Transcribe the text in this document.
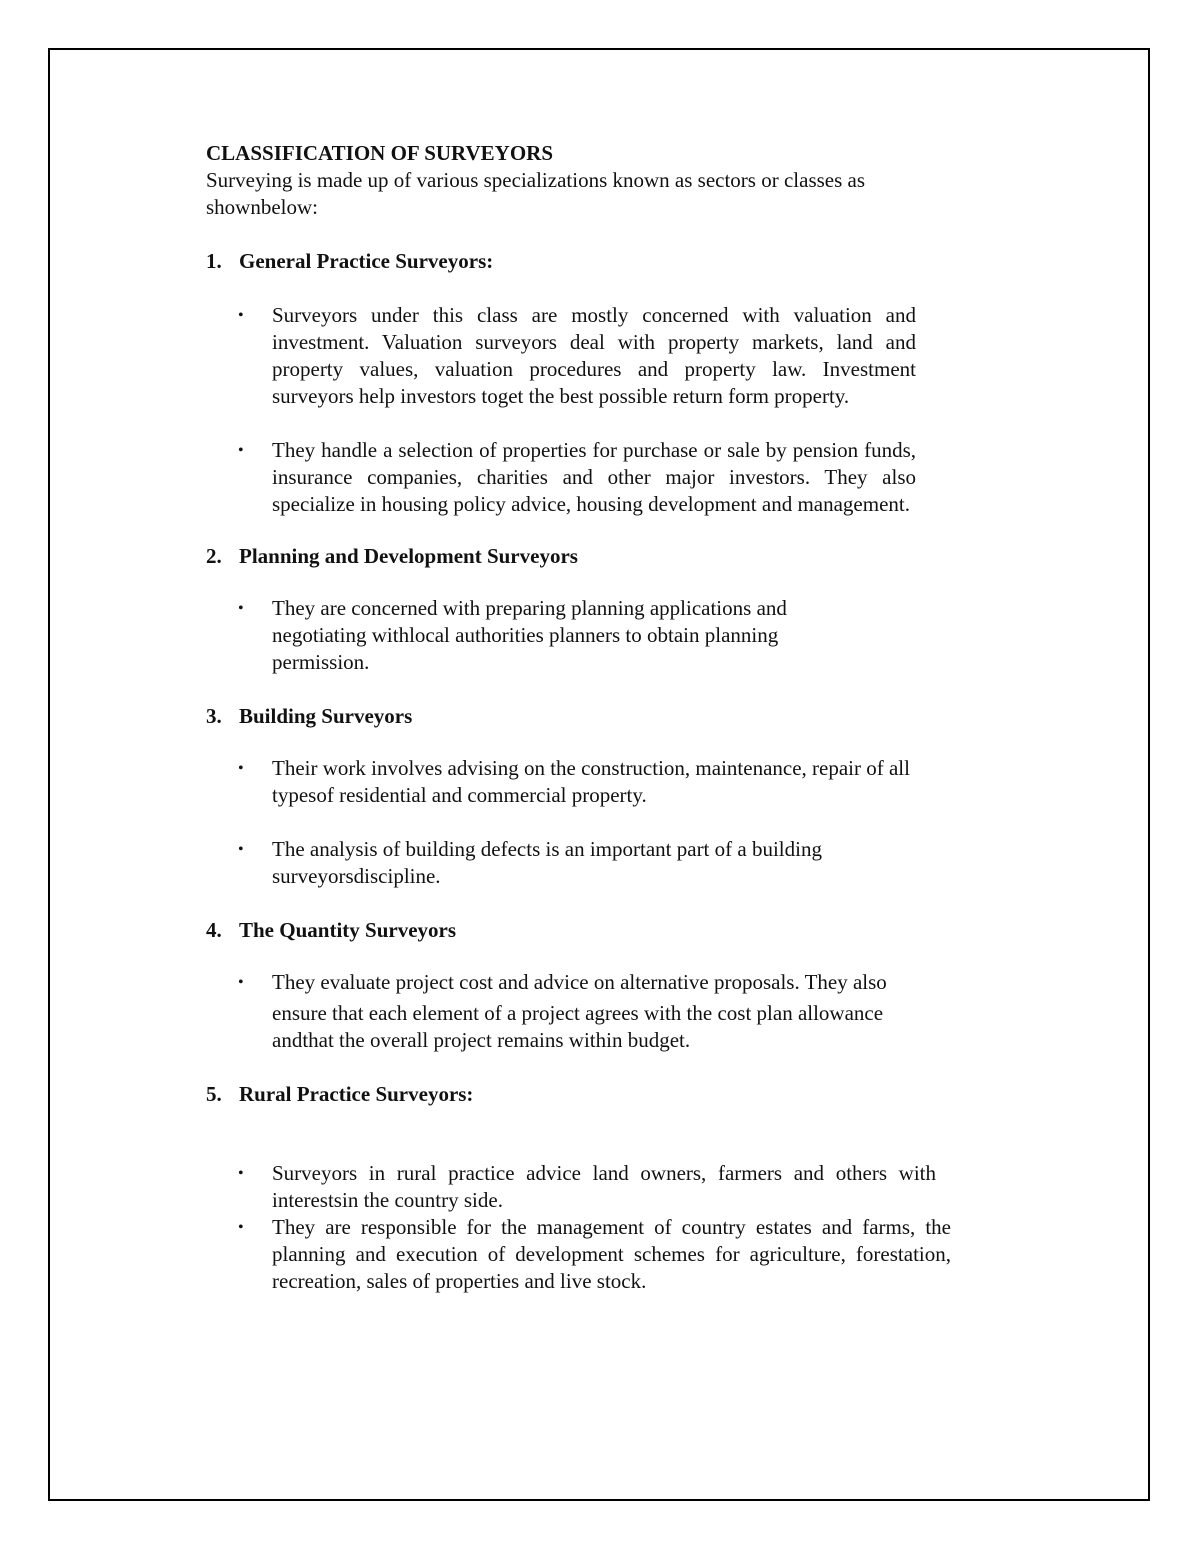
CLASSIFICATION OF SURVEYORS

Surveying is made up of various specializations known as sectors or classes as shownbelow:

1. General Practice Surveyors:
•	Surveyors under this class are mostly concerned with valuation and investment. Valuation surveyors deal with property markets, land and property values, valuation procedures and property law. Investment surveyors help investors toget the best possible return form property.
•	They handle a selection of properties for purchase or sale by pension funds, insurance companies, charities and other major investors. They also specialize in housing policy advice, housing development and management.
2. Planning and Development Surveyors
•	They are concerned with preparing planning applications and negotiating withlocal authorities planners to obtain planning permission.
3. Building Surveyors
•	Their work involves advising on the construction, maintenance, repair of all typesof residential and commercial property.
•	The analysis of building defects is an important part of a building surveyorsdiscipline.
4. The Quantity Surveyors
•	They evaluate project cost and advice on alternative proposals. They also
ensure that each element of a project agrees with the cost plan allowance andthat the overall project remains within budget.
5. Rural Practice Surveyors:
•	Surveyors in rural practice advice land owners, farmers and others with interestsin the country side.
•	They are responsible for the management of country estates and farms, the planning and execution of development schemes for agriculture, forestation, recreation, sales of properties and live stock.
